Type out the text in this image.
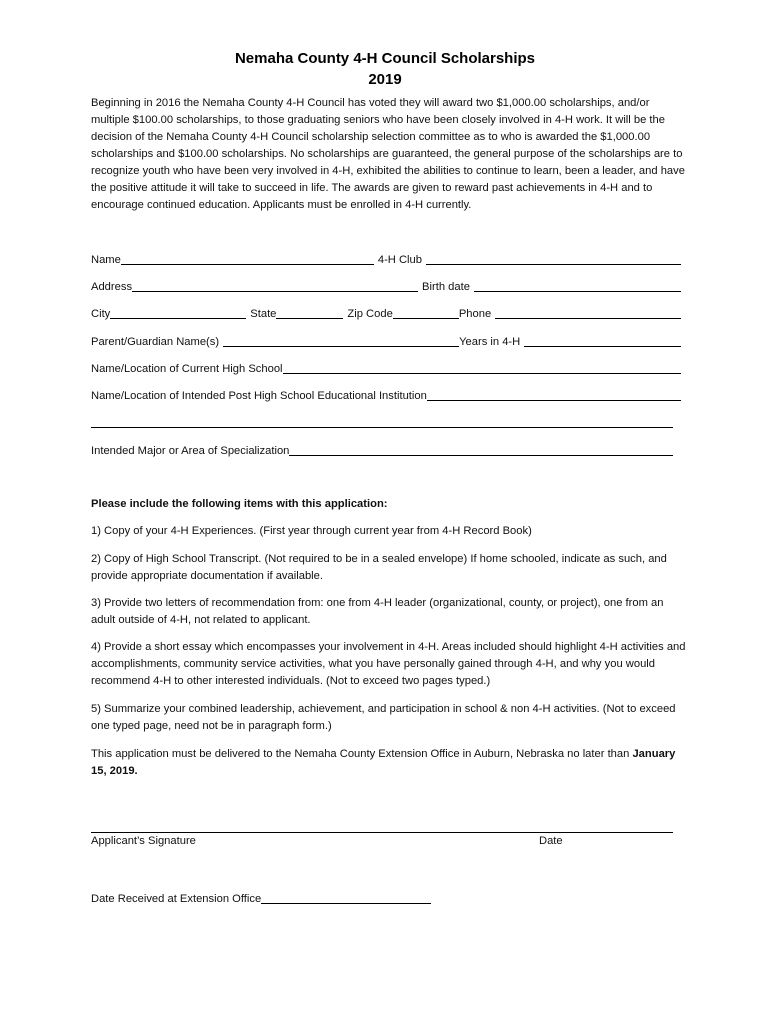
Nemaha County 4-H Council Scholarships
2019
Beginning in 2016 the Nemaha County 4-H Council has voted they will award two $1,000.00 scholarships, and/or multiple $100.00 scholarships, to those graduating seniors who have been closely involved in 4-H work. It will be the decision of the Nemaha County 4-H Council scholarship selection committee as to who is awarded the $1,000.00 scholarships and $100.00 scholarships. No scholarships are guaranteed, the general purpose of the scholarships are to recognize youth who have been very involved in 4-H, exhibited the abilities to continue to learn, been a leader, and have the positive attitude it will take to succeed in life. The awards are given to reward past achievements in 4-H and to encourage continued education. Applicants must be enrolled in 4-H currently.
Name	4-H Club
Address	Birth date
City	State	Zip Code	Phone
Parent/Guardian Name(s)	Years in 4-H
Name/Location of Current High School
Name/Location of Intended Post High School Educational Institution
Intended Major or Area of Specialization
Please include the following items with this application:
1) Copy of your 4-H Experiences. (First year through current year from 4-H Record Book)
2) Copy of High School Transcript. (Not required to be in a sealed envelope) If home schooled, indicate as such, and provide appropriate documentation if available.
3) Provide two letters of recommendation from: one from 4-H leader (organizational, county, or project), one from an adult outside of 4-H, not related to applicant.
4) Provide a short essay which encompasses your involvement in 4-H. Areas included should highlight 4-H activities and accomplishments, community service activities, what you have personally gained through 4-H, and why you would recommend 4-H to other interested individuals. (Not to exceed two pages typed.)
5) Summarize your combined leadership, achievement, and participation in school & non 4-H activities. (Not to exceed one typed page, need not be in paragraph form.)
This application must be delivered to the Nemaha County Extension Office in Auburn, Nebraska no later than January 15, 2019.
Applicant’s Signature	Date
Date Received at Extension Office
